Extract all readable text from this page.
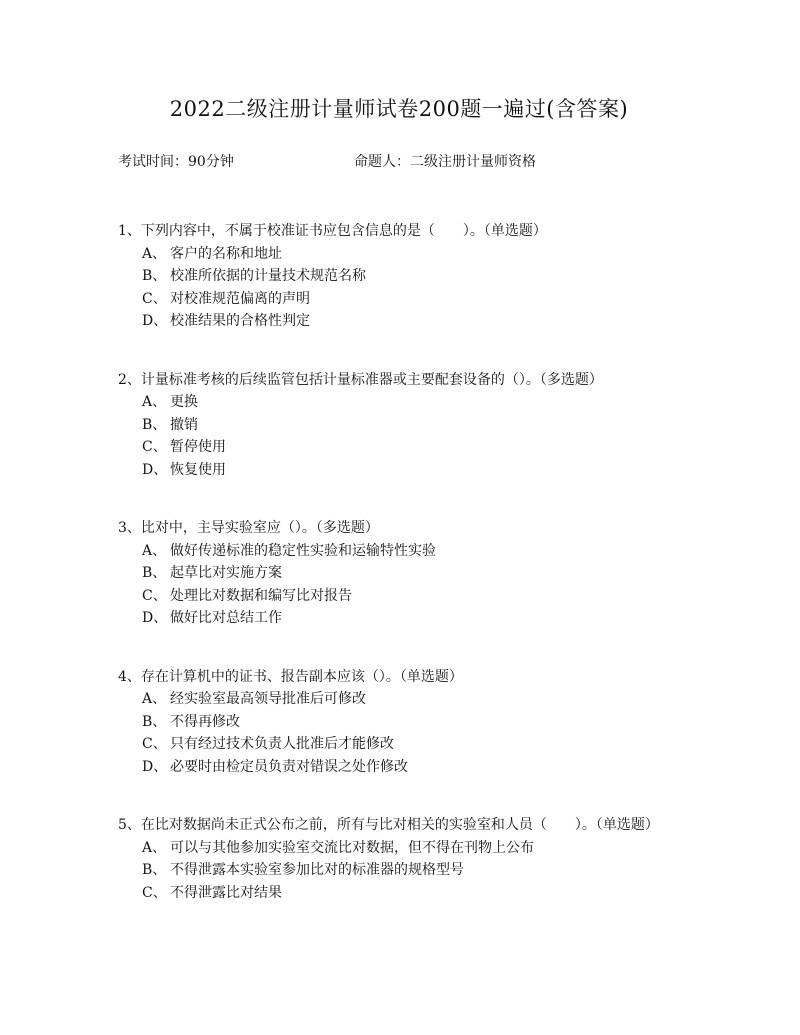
2022二级注册计量师试卷200题一遍过(含答案)
考试时间：90分钟	命题人：二级注册计量师资格
1、下列内容中，不属于校准证书应包含信息的是（　　）。（单选题）
A、 客户的名称和地址
B、 校准所依据的计量技术规范名称
C、 对校准规范偏离的声明
D、 校准结果的合格性判定
2、计量标准考核的后续监管包括计量标准器或主要配套设备的（）。（多选题）
A、 更换
B、 撤销
C、 暂停使用
D、 恢复使用
3、比对中，主导实验室应（）。（多选题）
A、 做好传递标准的稳定性实验和运输特性实验
B、 起草比对实施方案
C、 处理比对数据和编写比对报告
D、 做好比对总结工作
4、存在计算机中的证书、报告副本应该（）。（单选题）
A、 经实验室最高领导批准后可修改
B、 不得再修改
C、 只有经过技术负责人批准后才能修改
D、 必要时由检定员负责对错误之处作修改
5、在比对数据尚未正式公布之前，所有与比对相关的实验室和人员（　　）。（单选题）
A、 可以与其他参加实验室交流比对数据，但不得在刊物上公布
B、 不得泄露本实验室参加比对的标准器的规格型号
C、 不得泄露比对结果
